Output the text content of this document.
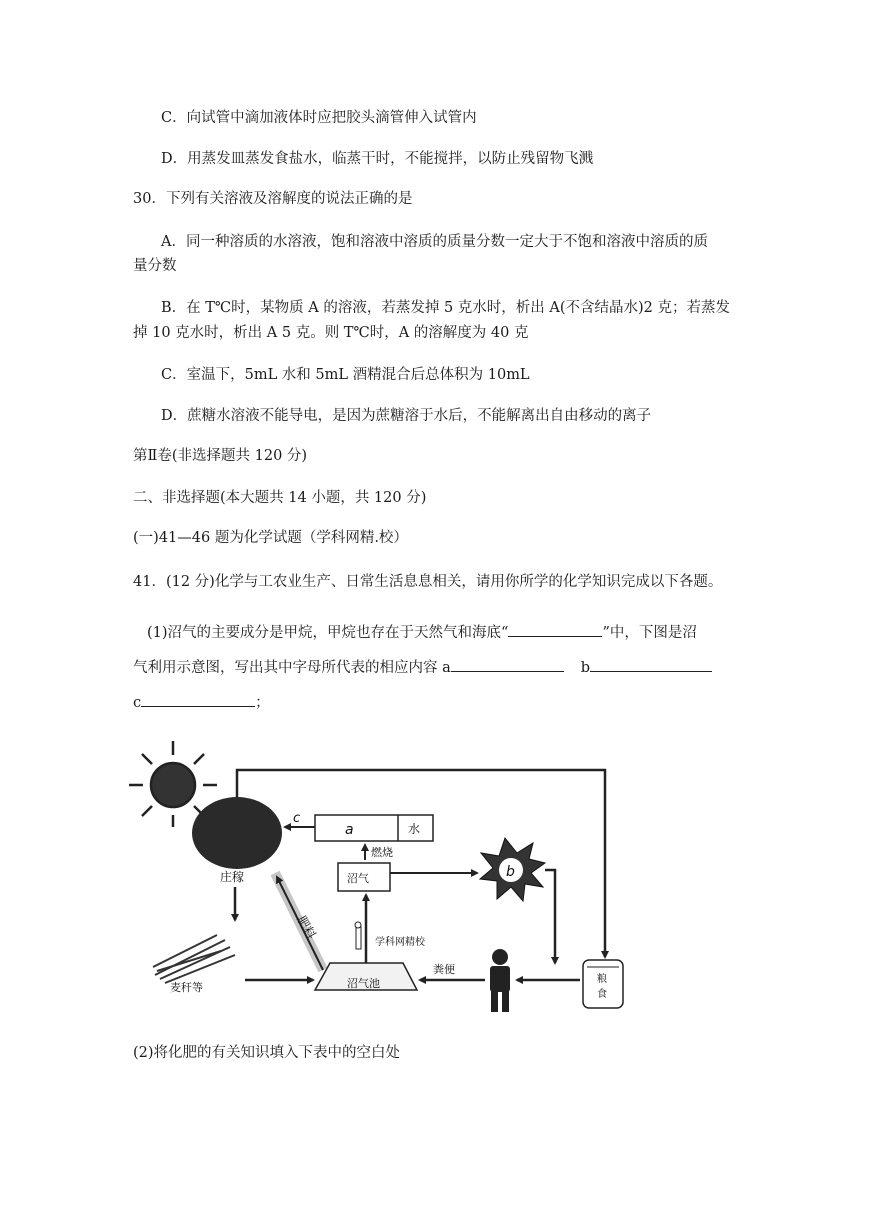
C．向试管中滴加液体时应把胶头滴管伸入试管内
D．用蒸发皿蒸发食盐水，临蒸干时，不能搅拌，以防止残留物飞溅
30．下列有关溶液及溶解度的说法正确的是
A．同一种溶质的水溶液，饱和溶液中溶质的质量分数一定大于不饱和溶液中溶质的质
量分数
B．在 T℃时，某物质 A 的溶液，若蒸发掉 5 克水时，析出 A(不含结晶水)2 克；若蒸发
掉 10 克水时，析出 A 5 克。则 T℃时，A 的溶解度为 40 克
C．室温下，5mL 水和 5mL 酒精混合后总体积为 10mL
D．蔗糖水溶液不能导电，是因为蔗糖溶于水后，不能解离出自由移动的离子
第Ⅱ卷(非选择题共 120 分)
二、非选择题(本大题共 14 小题，共 120 分)
(一)41—46 题为化学试题（学科网精.校）
41．(12 分)化学与工农业生产、日常生活息息相关，请用你所学的化学知识完成以下各题。
(1)沼气的主要成分是甲烷，甲烷也存在于天然气和海底“	”中，下图是沼
气利用示意图，写出其中字母所代表的相应内容 a	b
c	；
庄稼
a	水
c
燃烧
沼气	b
肥料
学科网精校
沼气池
麦秆等
粪便
粮
食
(2)将化肥的有关知识填入下表中的空白处
